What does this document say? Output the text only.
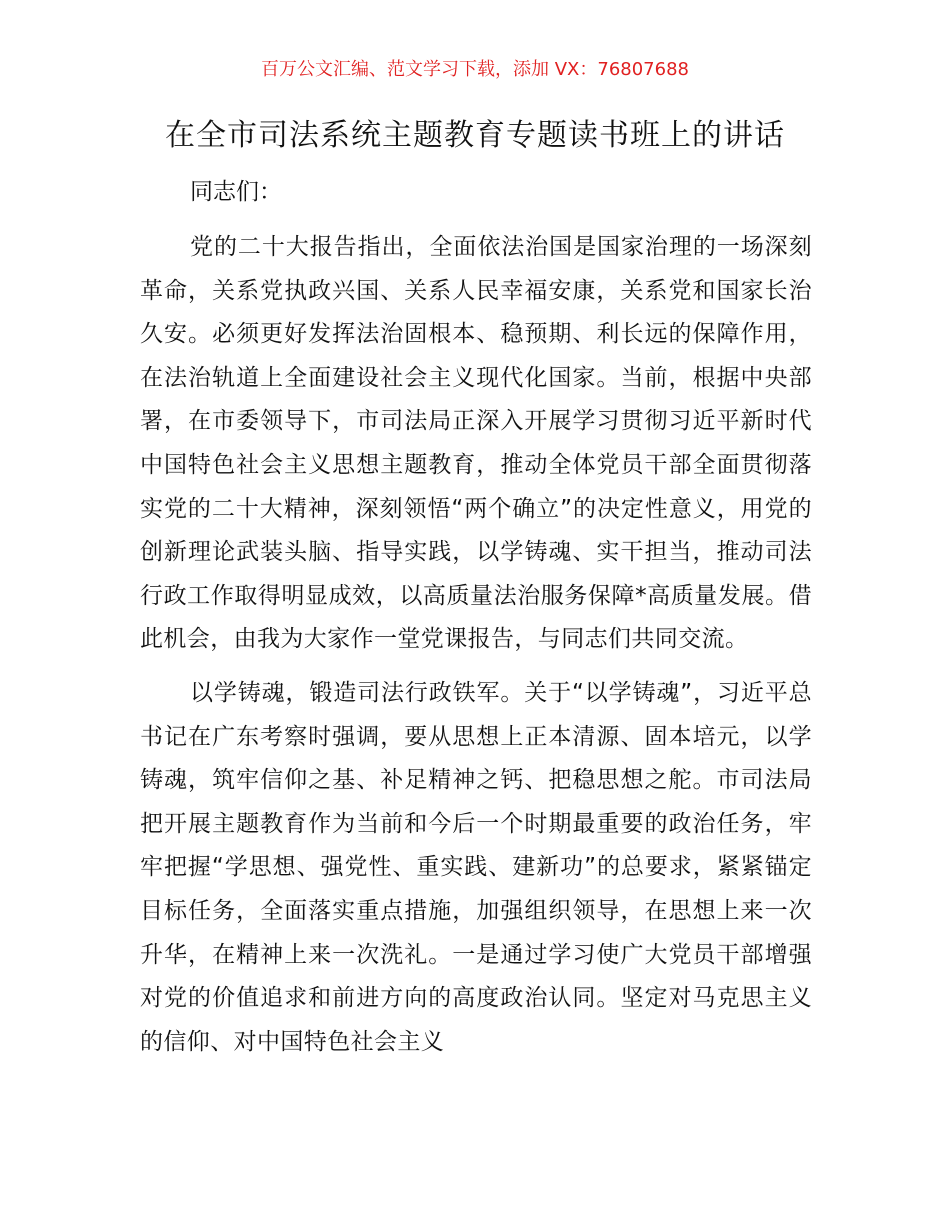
百万公文汇编、范文学习下载，添加 VX：76807688
在全市司法系统主题教育专题读书班上的讲话

同志们：

党的二十大报告指出，全面依法治国是国家治理的一场深刻革命，关系党执政兴国、关系人民幸福安康，关系党和国家长治久安。必须更好发挥法治固根本、稳预期、利长远的保障作用，在法治轨道上全面建设社会主义现代化国家。当前，根据中央部署，在市委领导下，市司法局正深入开展学习贯彻习近平新时代中国特色社会主义思想主题教育，推动全体党员干部全面贯彻落实党的二十大精神，深刻领悟“两个确立”的决定性意义，用党的创新理论武装头脑、指导实践，以学铸魂、实干担当，推动司法行政工作取得明显成效，以高质量法治服务保障*高质量发展。借此机会，由我为大家作一堂党课报告，与同志们共同交流。

以学铸魂，锻造司法行政铁军。关于“以学铸魂”，习近平总书记在广东考察时强调，要从思想上正本清源、固本培元，以学铸魂，筑牢信仰之基、补足精神之钙、把稳思想之舵。市司法局把开展主题教育作为当前和今后一个时期最重要的政治任务，牢牢把握“学思想、强党性、重实践、建新功”的总要求，紧紧锚定目标任务，全面落实重点措施，加强组织领导，在思想上来一次升华，在精神上来一次洗礼。一是通过学习使广大党员干部增强对党的价值追求和前进方向的高度政治认同。坚定对马克思主义的信仰、对中国特色社会主义
